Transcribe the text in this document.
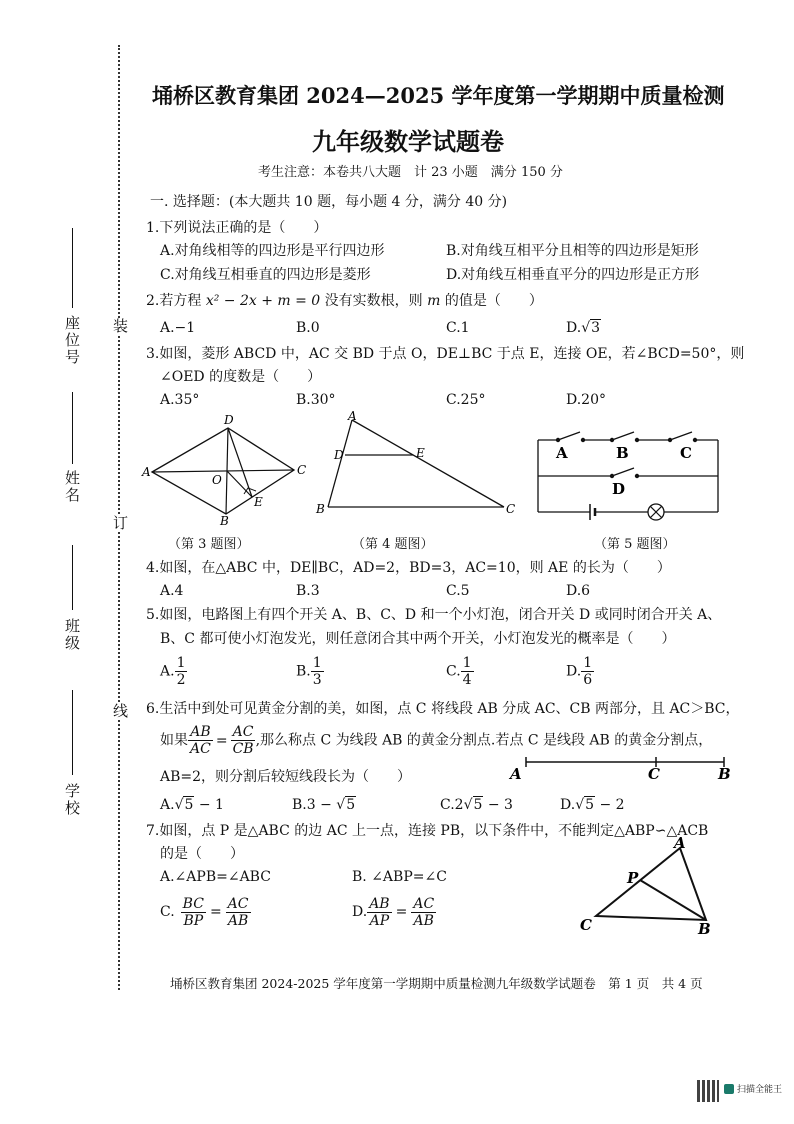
埇桥区教育集团 2024—2025 学年度第一学期期中质量检测
九年级数学试题卷
考生注意：本卷共八大题　计 23 小题　满分 150 分
装
订
线
座位号
姓名
班级
学校
一. 选择题：(本大题共 10 题，每小题 4 分，满分 40 分)
1.下列说法正确的是（　　）
A.对角线相等的四边形是平行四边形	B.对角线互相平分且相等的四边形是矩形
C.对角线互相垂直的四边形是菱形	D.对角线互相垂直平分的四边形是正方形
2.若方程 x² − 2x + m = 0 没有实数根，则 m 的值是（　　）
A.−1	B.0	C.1	D.√3
3.如图，菱形 ABCD 中，AC 交 BD 于点 O，DE⊥BC 于点 E，连接 OE，若∠BCD=50°，则
∠OED 的度数是（　　）
A.35°	B.30°	C.25°	D.20°
A
D
C
B
O
E
（第 3 题图）
A
D	E
B	C
（第 4 题图）
A	B	C
D
（第 5 题图）
4.如图，在△ABC 中，DE∥BC，AD=2，BD=3，AC=10，则 AE 的长为（　　）
A.4	B.3	C.5	D.6
5.如图，电路图上有四个开关 A、B、C、D 和一个小灯泡，闭合开关 D 或同时闭合开关 A、
B、C 都可使小灯泡发光，则任意闭合其中两个开关，小灯泡发光的概率是（　　）
A. $\frac{1}{2}$	B. $\frac{1}{3}$	C. $\frac{1}{4}$	D. $\frac{1}{6}$
6.生活中到处可见黄金分割的美，如图，点 C 将线段 AB 分成 AC、CB 两部分，且 AC＞BC，
如果 $\frac{AB}{AC} = \frac{AC}{CB}$ ,那么称点 C 为线段 AB 的黄金分割点.若点 C 是线段 AB 的黄金分割点，
AB=2，则分割后较短线段长为（　　）	A	C	B
A.√5 − 1	B.3 − √5	C.2√5 − 3	D.√5 − 2
7.如图，点 P 是△ABC 的边 AC 上一点，连接 PB，以下条件中，不能判定△ABP∽△ACB
的是（　　）
A.∠APB=∠ABC	B. ∠ABP=∠C
C. $\frac{BC}{BP} = \frac{AC}{AB}$	D. $\frac{AB}{AP} = \frac{AC}{AB}$
A
P
C	B
埇桥区教育集团 2024-2025 学年度第一学期期中质量检测九年级数学试题卷　第 1 页　共 4 页
扫描全能王
